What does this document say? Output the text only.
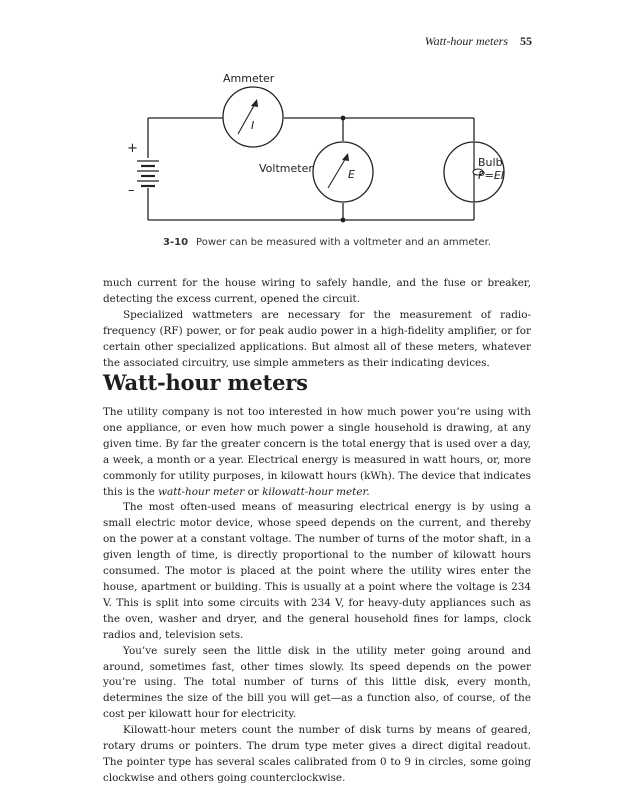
Watt-hour meters 55
+
–
Ammeter
I
Voltmeter	E
Bulb
P=EI
3-10 Power can be measured with a voltmeter and an ammeter.

much current for the house wiring to safely handle, and the fuse or breaker, detecting the excess current, opened the circuit.

Specialized wattmeters are necessary for the measurement of radio-frequency (RF) power, or for peak audio power in a high-fidelity amplifier, or for certain other specialized applications. But almost all of these meters, whatever the associated circuitry, use simple ammeters as their indicating devices.

Watt-hour meters

The utility company is not too interested in how much power you’re using with one appliance, or even how much power a single household is drawing, at any given time. By far the greater concern is the total energy that is used over a day, a week, a month or a year. Electrical energy is measured in watt hours, or, more commonly for utility purposes, in kilowatt hours (kWh). The device that indicates this is the watt-hour meter or kilowatt-hour meter.

The most often-used means of measuring electrical energy is by using a small electric motor device, whose speed depends on the current, and thereby on the power at a constant voltage. The number of turns of the motor shaft, in a given length of time, is directly proportional to the number of kilowatt hours consumed. The motor is placed at the point where the utility wires enter the house, apartment or building. This is usually at a point where the voltage is 234 V. This is split into some circuits with 234 V, for heavy-duty appliances such as the oven, washer and dryer, and the general household fines for lamps, clock radios and, television sets.

You’ve surely seen the little disk in the utility meter going around and around, sometimes fast, other times slowly. Its speed depends on the power you’re using. The total number of turns of this little disk, every month, determines the size of the bill you will get—as a function also, of course, of the cost per kilowatt hour for electricity.

Kilowatt-hour meters count the number of disk turns by means of geared, rotary drums or pointers. The drum type meter gives a direct digital readout. The pointer type has several scales calibrated from 0 to 9 in circles, some going clockwise and others going counterclockwise.
